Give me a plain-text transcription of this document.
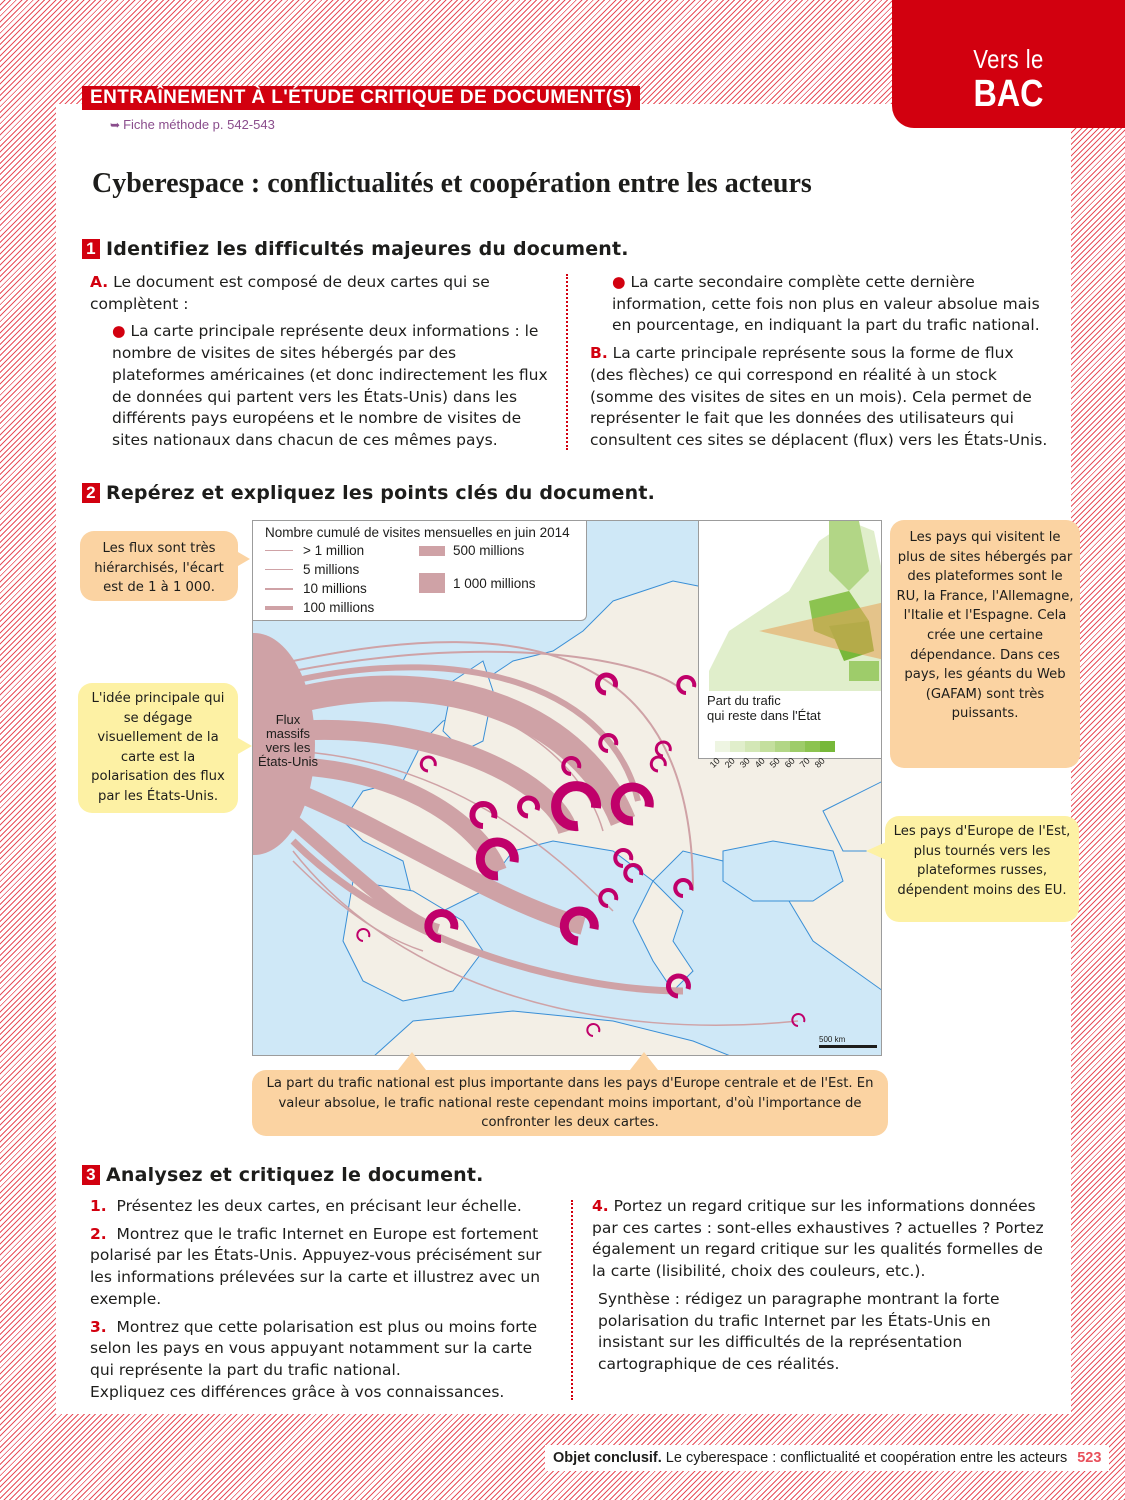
Vers le
BAC
ENTRAÎNEMENT À L'ÉTUDE CRITIQUE DE DOCUMENT(S)
➥ Fiche méthode p. 542-543
Cyberespace : conflictualités et coopération entre les acteurs
1 Identifiez les difficultés majeures du document.
A. Le document est composé de deux cartes qui se complètent :
● La carte principale représente deux informations : le nombre de visites de sites hébergés par des plateformes américaines (et donc indirectement les flux de données qui partent vers les États-Unis) dans les différents pays européens et le nombre de visites de sites nationaux dans chacun de ces mêmes pays.
● La carte secondaire complète cette dernière information, cette fois non plus en valeur absolue mais en pourcentage, en indiquant la part du trafic national.
B. La carte principale représente sous la forme de flux (des flèches) ce qui correspond en réalité à un stock (somme des visites de sites en un mois). Cela permet de représenter le fait que les données des utilisateurs qui consultent ces sites se déplacent (flux) vers les États-Unis.
2 Repérez et expliquez les points clés du document.
Flux massifs vers les États-Unis
Nombre cumulé de visites mensuelles en juin 2014
> 1 million
5 millions
10 millions
100 millions
500 millions
1 000 millions
Part du trafic
qui reste dans l'État
10 20 30 40 50 60 70 80
500 km
Les flux sont très hiérarchisés, l'écart est de 1 à 1 000.
L'idée principale qui se dégage visuellement de la carte est la polarisation des flux par les États-Unis.
Les pays qui visitent le plus de sites hébergés par des plateformes sont le RU, la France, l'Allemagne, l'Italie et l'Espagne. Cela crée une certaine dépendance. Dans ces pays, les géants du Web (GAFAM) sont très puissants.
Les pays d'Europe de l'Est, plus tournés vers les plateformes russes, dépendent moins des EU.
La part du trafic national est plus importante dans les pays d'Europe centrale et de l'Est. En valeur absolue, le trafic national reste cependant moins important, d'où l'importance de confronter les deux cartes.
3 Analysez et critiquez le document.
1. Présentez les deux cartes, en précisant leur échelle.
2. Montrez que le trafic Internet en Europe est fortement polarisé par les États-Unis. Appuyez-vous précisément sur les informations prélevées sur la carte et illustrez avec un exemple.
3. Montrez que cette polarisation est plus ou moins forte selon les pays en vous appuyant notamment sur la carte qui représente la part du trafic national.
Expliquez ces différences grâce à vos connaissances.
4. Portez un regard critique sur les informations données par ces cartes : sont-elles exhaustives ? actuelles ? Portez également un regard critique sur les qualités formelles de la carte (lisibilité, choix des couleurs, etc.).
Synthèse : rédigez un paragraphe montrant la forte polarisation du trafic Internet par les États-Unis en insistant sur les difficultés de la représentation cartographique de ces réalités.
Objet conclusif. Le cyberespace : conflictualité et coopération entre les acteurs 523
